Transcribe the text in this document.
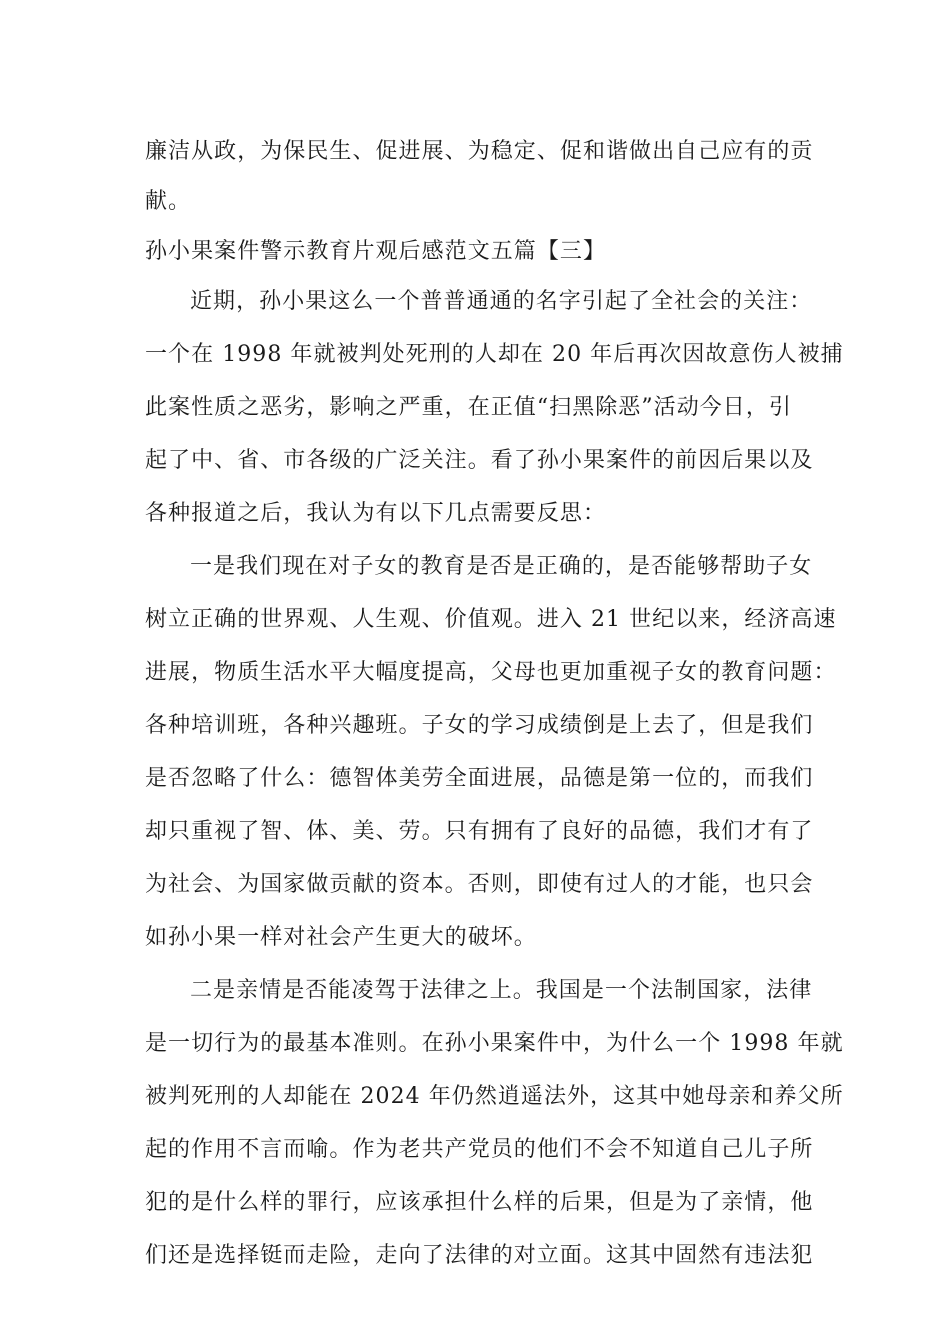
廉洁从政，为保民生、促进展、为稳定、促和谐做出自己应有的贡
献。
孙小果案件警示教育片观后感范文五篇【三】
近期，孙小果这么一个普普通通的名字引起了全社会的关注：
一个在 1998 年就被判处死刑的人却在 20 年后再次因故意伤人被捕
此案性质之恶劣，影响之严重，在正值“扫黑除恶”活动今日，引
起了中、省、市各级的广泛关注。看了孙小果案件的前因后果以及
各种报道之后，我认为有以下几点需要反思：
一是我们现在对子女的教育是否是正确的，是否能够帮助子女
树立正确的世界观、人生观、价值观。进入 21 世纪以来，经济高速
进展，物质生活水平大幅度提高，父母也更加重视子女的教育问题：
各种培训班，各种兴趣班。子女的学习成绩倒是上去了，但是我们
是否忽略了什么：德智体美劳全面进展，品德是第一位的，而我们
却只重视了智、体、美、劳。只有拥有了良好的品德，我们才有了
为社会、为国家做贡献的资本。否则，即使有过人的才能，也只会
如孙小果一样对社会产生更大的破坏。
二是亲情是否能凌驾于法律之上。我国是一个法制国家，法律
是一切行为的最基本准则。在孙小果案件中，为什么一个 1998 年就
被判死刑的人却能在 2024 年仍然逍遥法外，这其中她母亲和养父所
起的作用不言而喻。作为老共产党员的他们不会不知道自己儿子所
犯的是什么样的罪行，应该承担什么样的后果，但是为了亲情，他
们还是选择铤而走险，走向了法律的对立面。这其中固然有违法犯
